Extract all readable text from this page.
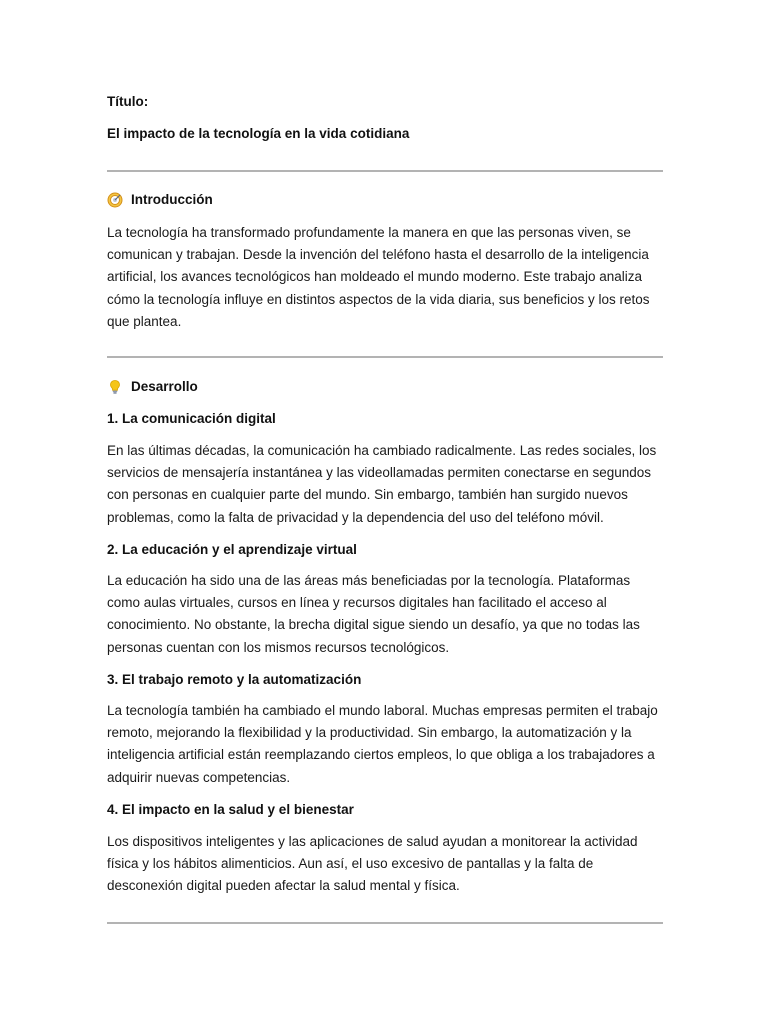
Título:
El impacto de la tecnología en la vida cotidiana
Introducción
La tecnología ha transformado profundamente la manera en que las personas viven, se comunican y trabajan. Desde la invención del teléfono hasta el desarrollo de la inteligencia artificial, los avances tecnológicos han moldeado el mundo moderno. Este trabajo analiza cómo la tecnología influye en distintos aspectos de la vida diaria, sus beneficios y los retos que plantea.
Desarrollo
1. La comunicación digital
En las últimas décadas, la comunicación ha cambiado radicalmente. Las redes sociales, los servicios de mensajería instantánea y las videollamadas permiten conectarse en segundos con personas en cualquier parte del mundo. Sin embargo, también han surgido nuevos problemas, como la falta de privacidad y la dependencia del uso del teléfono móvil.
2. La educación y el aprendizaje virtual
La educación ha sido una de las áreas más beneficiadas por la tecnología. Plataformas como aulas virtuales, cursos en línea y recursos digitales han facilitado el acceso al conocimiento. No obstante, la brecha digital sigue siendo un desafío, ya que no todas las personas cuentan con los mismos recursos tecnológicos.
3. El trabajo remoto y la automatización
La tecnología también ha cambiado el mundo laboral. Muchas empresas permiten el trabajo remoto, mejorando la flexibilidad y la productividad. Sin embargo, la automatización y la inteligencia artificial están reemplazando ciertos empleos, lo que obliga a los trabajadores a adquirir nuevas competencias.
4. El impacto en la salud y el bienestar
Los dispositivos inteligentes y las aplicaciones de salud ayudan a monitorear la actividad física y los hábitos alimenticios. Aun así, el uso excesivo de pantallas y la falta de desconexión digital pueden afectar la salud mental y física.
